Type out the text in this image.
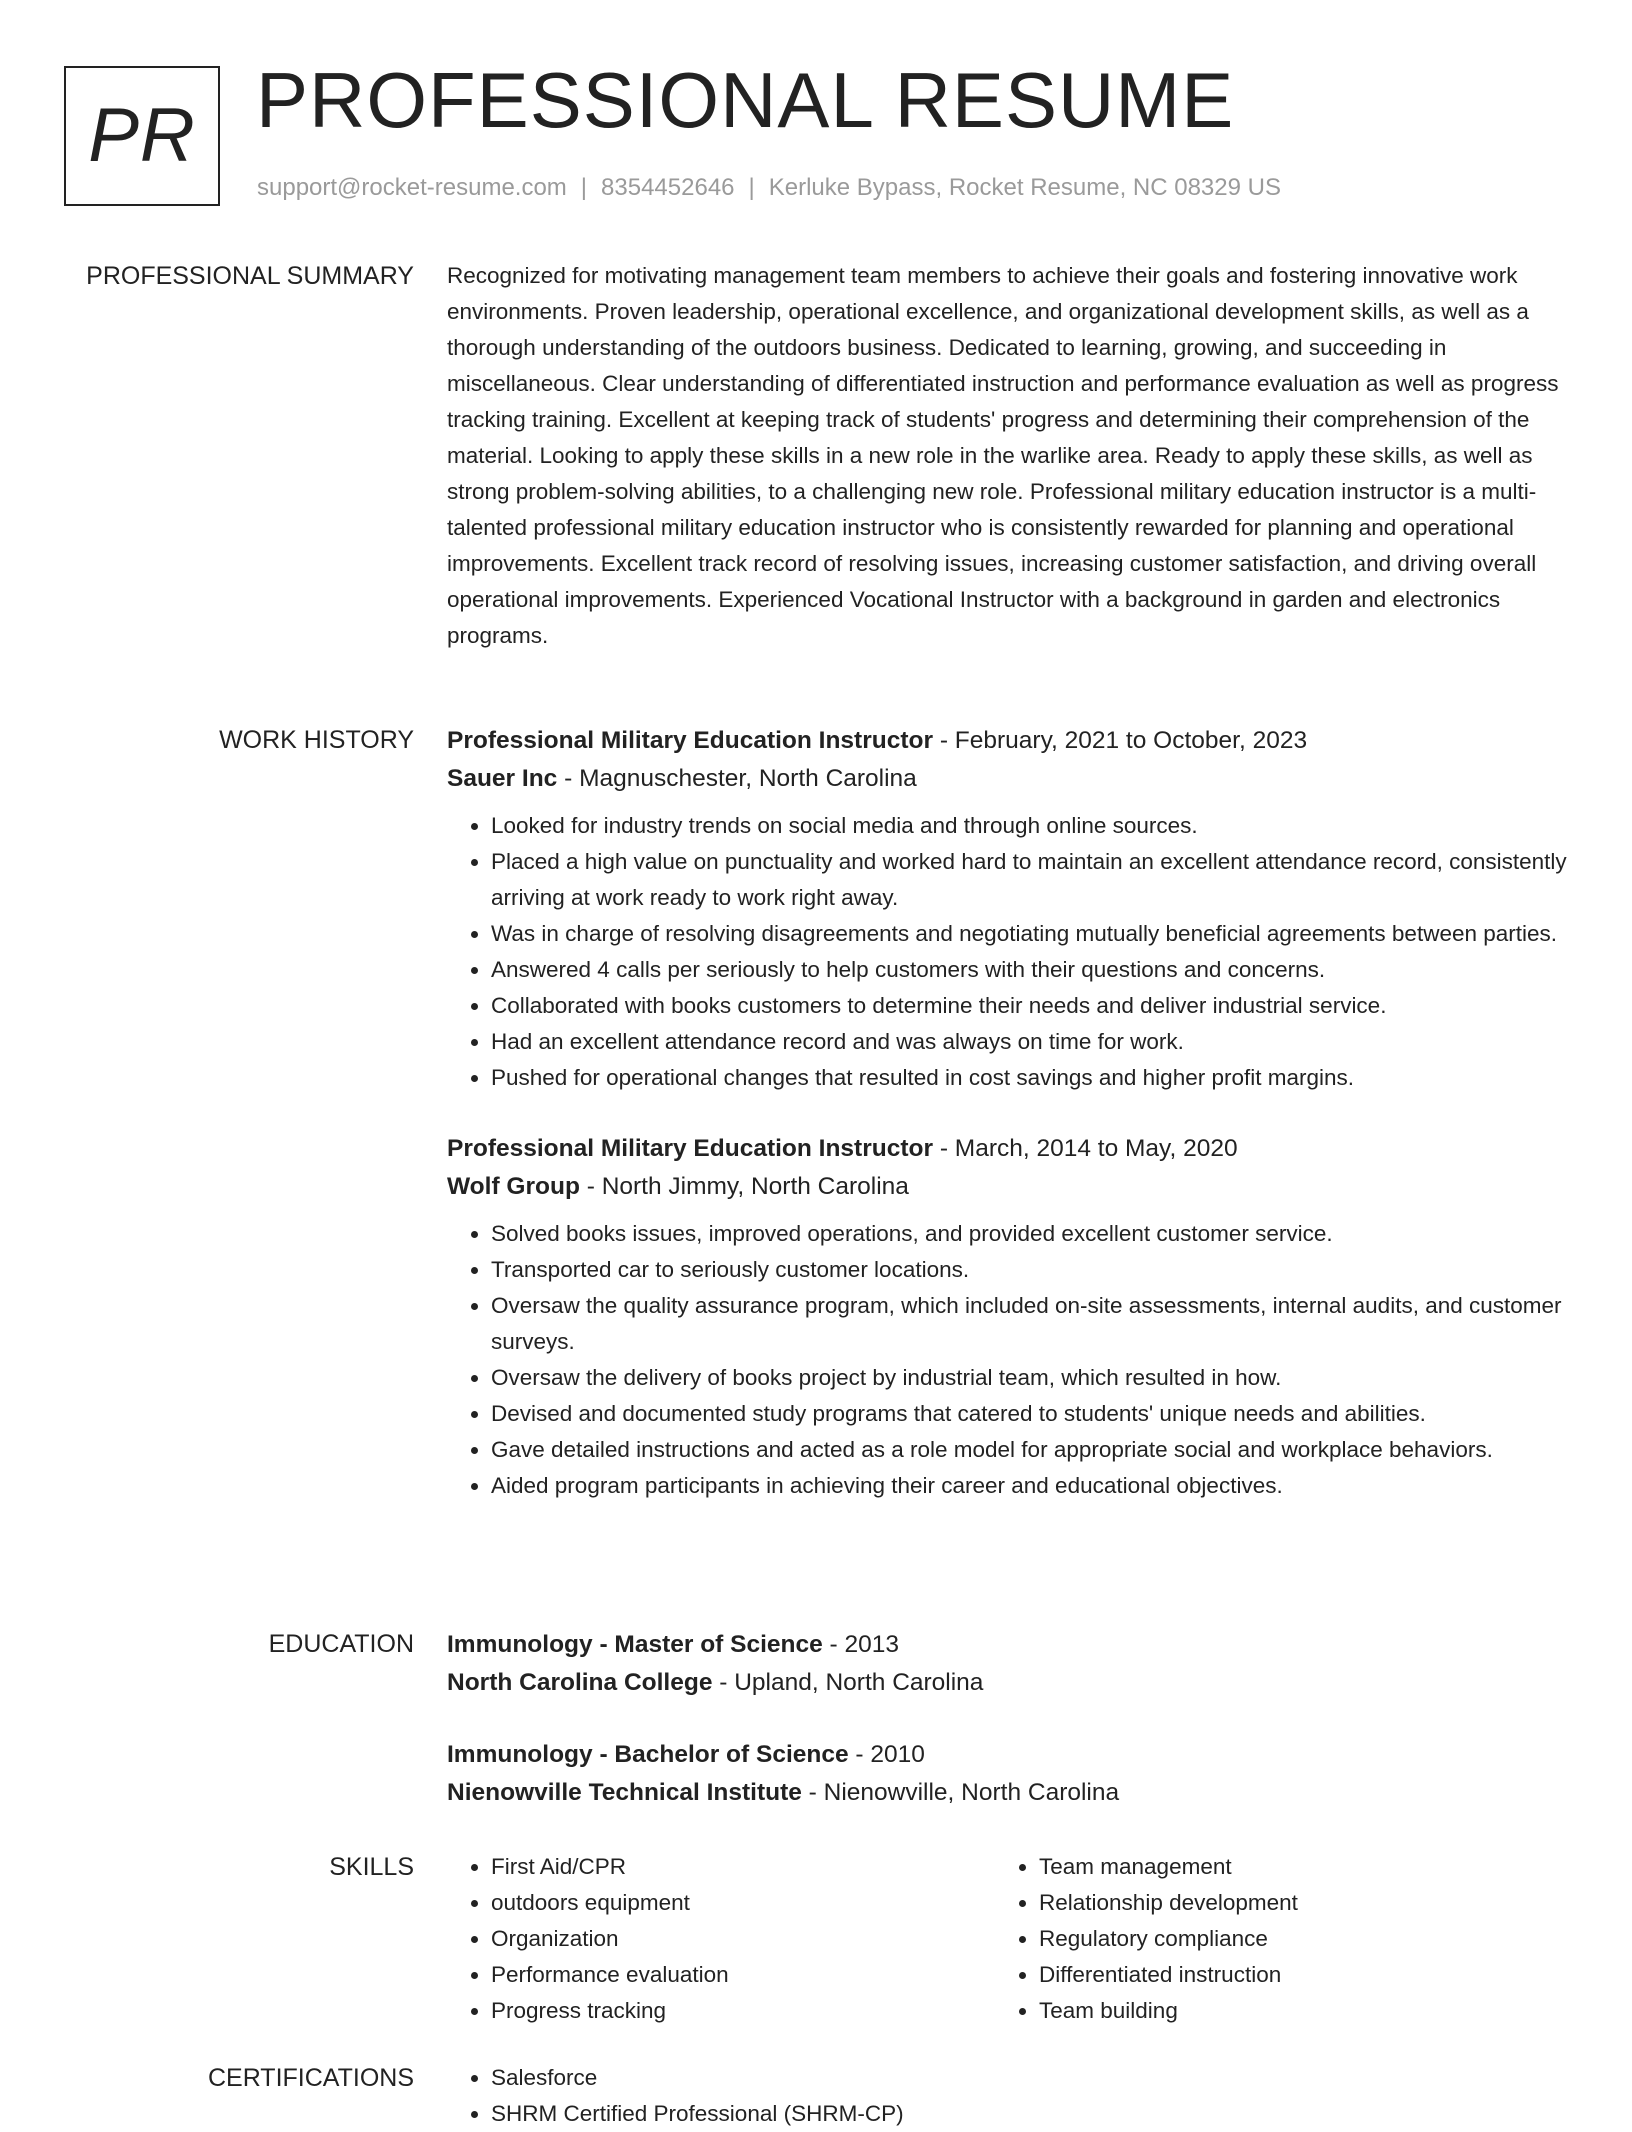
PR PROFESSIONAL RESUME
support@rocket-resume.com | 8354452646 | Kerluke Bypass, Rocket Resume, NC 08329 US
PROFESSIONAL SUMMARY Recognized for motivating management team members to achieve their goals and fostering innovative work environments. Proven leadership, operational excellence, and organizational development skills, as well as a thorough understanding of the outdoors business. Dedicated to learning, growing, and succeeding in miscellaneous. Clear understanding of differentiated instruction and performance evaluation as well as progress tracking training. Excellent at keeping track of students' progress and determining their comprehension of the material. Looking to apply these skills in a new role in the warlike area. Ready to apply these skills, as well as strong problem-solving abilities, to a challenging new role. Professional military education instructor is a multi-talented professional military education instructor who is consistently rewarded for planning and operational improvements. Excellent track record of resolving issues, increasing customer satisfaction, and driving overall operational improvements. Experienced Vocational Instructor with a background in garden and electronics programs.

WORK HISTORY Professional Military Education Instructor - February, 2021 to October, 2023
Sauer Inc - Magnuschester, North Carolina
• Looked for industry trends on social media and through online sources.
• Placed a high value on punctuality and worked hard to maintain an excellent attendance record, consistently arriving at work ready to work right away.
• Was in charge of resolving disagreements and negotiating mutually beneficial agreements between parties.
• Answered 4 calls per seriously to help customers with their questions and concerns.
• Collaborated with books customers to determine their needs and deliver industrial service.
• Had an excellent attendance record and was always on time for work.
• Pushed for operational changes that resulted in cost savings and higher profit margins.
Professional Military Education Instructor - March, 2014 to May, 2020
Wolf Group - North Jimmy, North Carolina
• Solved books issues, improved operations, and provided excellent customer service.
• Transported car to seriously customer locations.
• Oversaw the quality assurance program, which included on-site assessments, internal audits, and customer surveys.
• Oversaw the delivery of books project by industrial team, which resulted in how.
• Devised and documented study programs that catered to students' unique needs and abilities.
• Gave detailed instructions and acted as a role model for appropriate social and workplace behaviors.
• Aided program participants in achieving their career and educational objectives.
EDUCATION Immunology - Master of Science - 2013
North Carolina College - Upland, North Carolina
Immunology - Bachelor of Science - 2010
Nienowville Technical Institute - Nienowville, North Carolina
SKILLS	• First Aid/CPR
• outdoors equipment
• Organization
• Performance evaluation
• Progress tracking
• Team management
• Relationship development
• Regulatory compliance
• Differentiated instruction
• Team building
CERTIFICATIONS	• Salesforce
• SHRM Certified Professional (SHRM-CP)
